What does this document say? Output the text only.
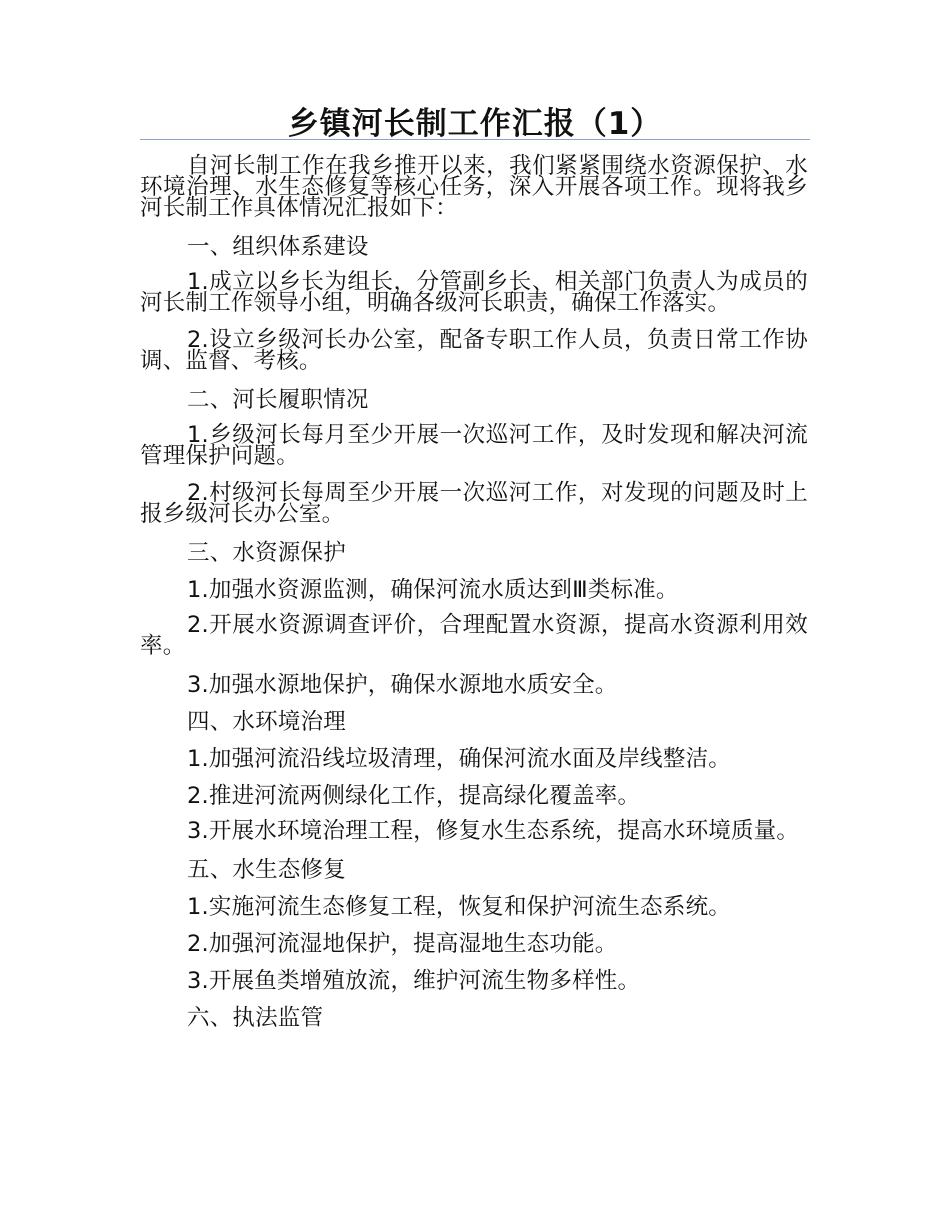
乡镇河长制工作汇报（1）

自河长制工作在我乡推开以来，我们紧紧围绕水资源保护、水环境治理、水生态修复等核心任务，深入开展各项工作。现将我乡河长制工作具体情况汇报如下：

一、组织体系建设

1.成立以乡长为组长，分管副乡长、相关部门负责人为成员的河长制工作领导小组，明确各级河长职责，确保工作落实。

2.设立乡级河长办公室，配备专职工作人员，负责日常工作协调、监督、考核。

二、河长履职情况

1.乡级河长每月至少开展一次巡河工作，及时发现和解决河流管理保护问题。

2.村级河长每周至少开展一次巡河工作，对发现的问题及时上报乡级河长办公室。

三、水资源保护

1.加强水资源监测，确保河流水质达到Ⅲ类标准。

2.开展水资源调查评价，合理配置水资源，提高水资源利用效率。

3.加强水源地保护，确保水源地水质安全。

四、水环境治理

1.加强河流沿线垃圾清理，确保河流水面及岸线整洁。

2.推进河流两侧绿化工作，提高绿化覆盖率。

3.开展水环境治理工程，修复水生态系统，提高水环境质量。

五、水生态修复

1.实施河流生态修复工程，恢复和保护河流生态系统。

2.加强河流湿地保护，提高湿地生态功能。

3.开展鱼类增殖放流，维护河流生物多样性。

六、执法监管
